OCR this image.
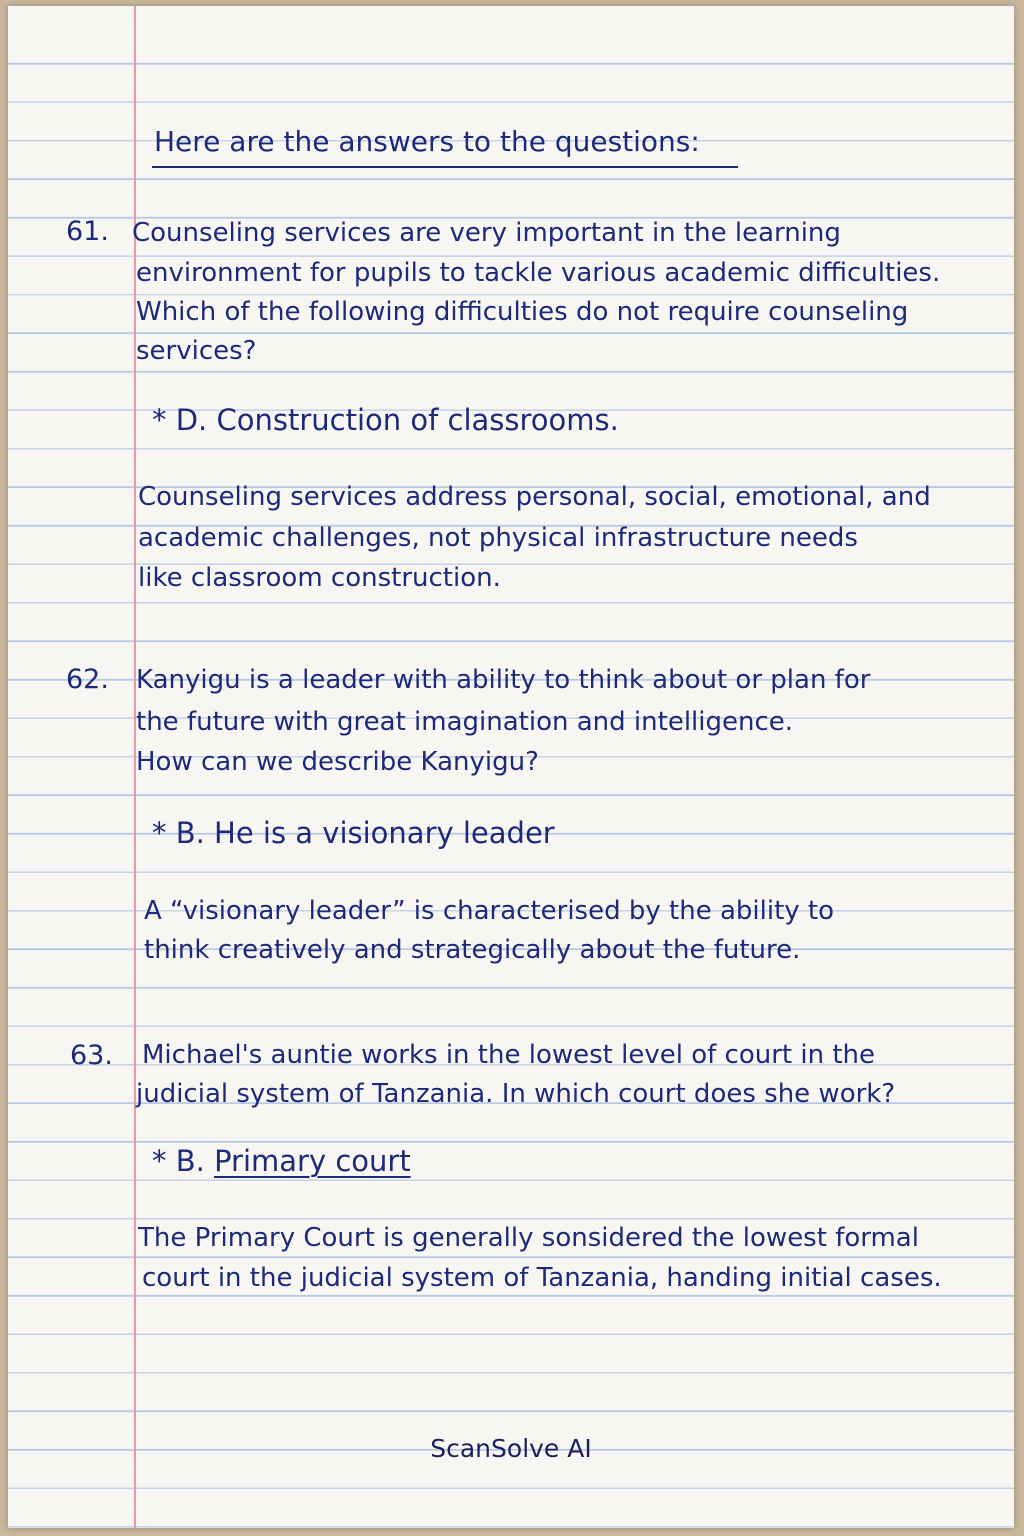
Here are the answers to the questions:
61. Counseling services are very important in the learning
environment for pupils to tackle various academic difficulties.
Which of the following difficulties do not require counseling
services?
* D. Construction of classrooms.
Counseling services address personal, social, emotional, and
academic challenges, not physical infrastructure needs
like classroom construction.
62. Kanyigu is a leader with ability to think about or plan for
the future with great imagination and intelligence.
How can we describe Kanyigu?
* B. He is a visionary leader
A “visionary leader” is characterised by the ability to
think creatively and strategically about the future.
63. Michael's auntie works in the lowest level of court in the
judicial system of Tanzania. In which court does she work?
* B. Primary court
The Primary Court is generally sonsidered the lowest formal
court in the judicial system of Tanzania, handing initial cases.
ScanSolve AI
